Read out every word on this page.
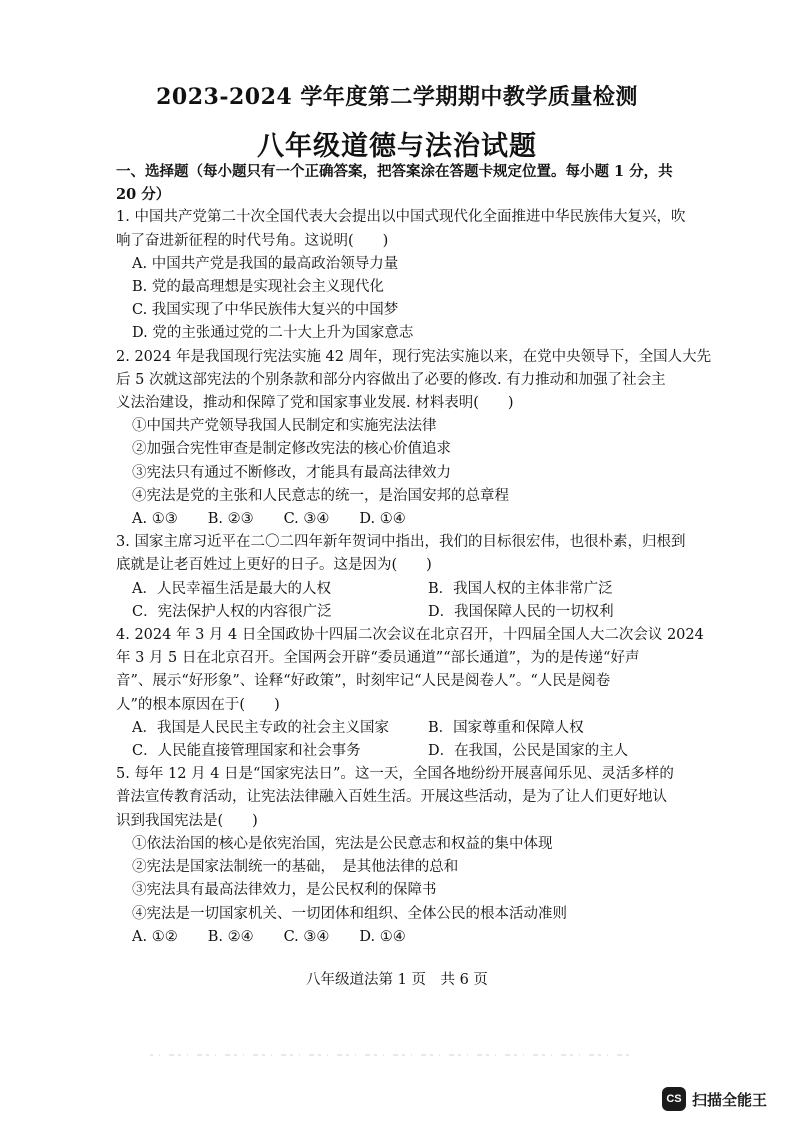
2023-2024 学年度第二学期期中教学质量检测
八年级道德与法治试题
一、选择题（每小题只有一个正确答案，把答案涂在答题卡规定位置。每小题 1 分，共
20 分）
1. 中国共产党第二十次全国代表大会提出以中国式现代化全面推进中华民族伟大复兴，吹
响了奋进新征程的时代号角。这说明(　　)
A. 中国共产党是我国的最高政治领导力量
B. 党的最高理想是实现社会主义现代化
C. 我国实现了中华民族伟大复兴的中国梦
D. 党的主张通过党的二十大上升为国家意志
2. 2024 年是我国现行宪法实施 42 周年，现行宪法实施以来，在党中央领导下，全国人大先
后 5 次就这部宪法的个别条款和部分内容做出了必要的修改. 有力推动和加强了社会主
义法治建设，推动和保障了党和国家事业发展. 材料表明(　　)
①中国共产党领导我国人民制定和实施宪法法律
②加强合宪性审查是制定修改宪法的核心价值追求
③宪法只有通过不断修改，才能具有最高法律效力
④宪法是党的主张和人民意志的统一，是治国安邦的总章程
A. ①③ B. ②③ C. ③④ D. ①④
3. 国家主席习近平在二〇二四年新年贺词中指出，我们的目标很宏伟，也很朴素，归根到
底就是让老百姓过上更好的日子。这是因为(　　)
A．人民幸福生活是最大的人权	B．我国人权的主体非常广泛
C．宪法保护人权的内容很广泛	D．我国保障人民的一切权利
4. 2024 年 3 月 4 日全国政协十四届二次会议在北京召开，十四届全国人大二次会议 2024
年 3 月 5 日在北京召开。全国两会开辟“委员通道”“部长通道”，为的是传递“好声
音”、展示“好形象”、诠释“好政策”，时刻牢记“人民是阅卷人”。“人民是阅卷
人”的根本原因在于(　　)
A．我国是人民民主专政的社会主义国家	B．国家尊重和保障人权
C．人民能直接管理国家和社会事务	D．在我国，公民是国家的主人
5. 每年 12 月 4 日是“国家宪法日”。这一天，全国各地纷纷开展喜闻乐见、灵活多样的
普法宣传教育活动，让宪法法律融入百姓生活。开展这些活动，是为了让人们更好地认
识到我国宪法是(　　)
①依法治国的核心是依宪治国，宪法是公民意志和权益的集中体现
②宪法是国家法制统一的基础，　是其他法律的总和
③宪法具有最高法律效力，是公民权利的保障书
④宪法是一切国家机关、一切团体和组织、全体公民的根本活动准则
A. ①② B. ②④ C. ③④ D. ①④
八年级道法第 1 页　共 6 页
CS 扫描全能王
